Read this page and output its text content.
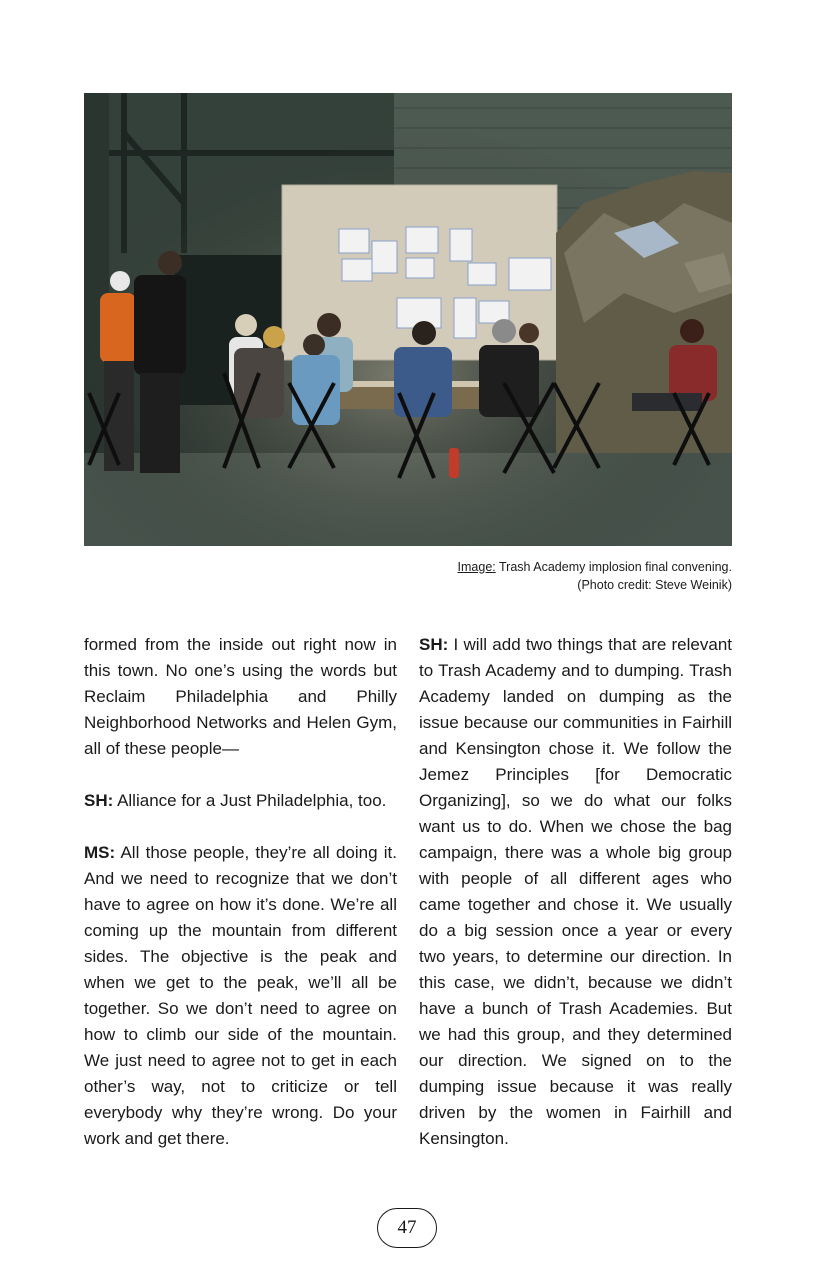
Image: Trash Academy implosion final convening.
(Photo credit: Steve Weinik)

formed from the inside out right now in this town. No one’s using the words but Reclaim Philadelphia and Philly Neighborhood Networks and Helen Gym, all of these people—

SH: Alliance for a Just Philadelphia, too.

MS: All those people, they’re all doing it. And we need to recognize that we don’t have to agree on how it’s done. We’re all coming up the mountain from different sides. The objective is the peak and when we get to the peak, we’ll all be together. So we don’t need to agree on how to climb our side of the mountain. We just need to agree not to get in each other’s way, not to criticize or tell everybody why they’re wrong. Do your work and get there.

SH: I will add two things that are relevant to Trash Academy and to dumping. Trash Academy landed on dumping as the issue because our communities in Fairhill and Kensington chose it. We follow the Jemez Principles [for Democratic Organizing], so we do what our folks want us to do. When we chose the bag campaign, there was a whole big group with people of all different ages who came together and chose it. We usually do a big session once a year or every two years, to determine our direction. In this case, we didn’t, because we didn’t have a bunch of Trash Academies. But we had this group, and they determined our direction. We signed on to the dumping issue because it was really driven by the women in Fairhill and Kensington.

47
